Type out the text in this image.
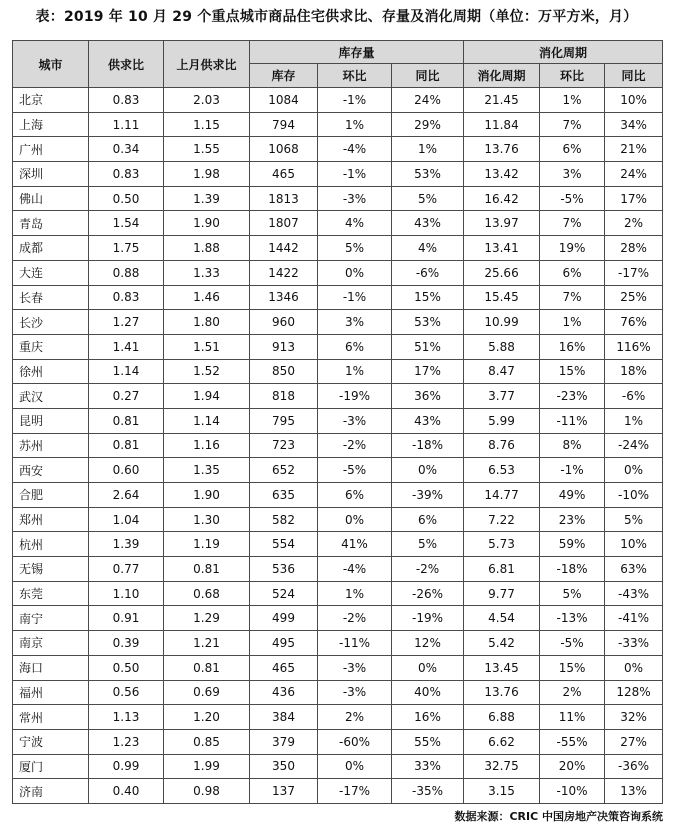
表：2019 年 10 月 29 个重点城市商品住宅供求比、存量及消化周期（单位：万平方米，月）
城市	供求比	上月供求比	库存量			消化周期		
			库存	环比	同比	消化周期	环比	同比
北京	0.83	2.03	1084	-1%	24%	21.45	1%	10%
上海	1.11	1.15	794	1%	29%	11.84	7%	34%
广州	0.34	1.55	1068	-4%	1%	13.76	6%	21%
深圳	0.83	1.98	465	-1%	53%	13.42	3%	24%
佛山	0.50	1.39	1813	-3%	5%	16.42	-5%	17%
青岛	1.54	1.90	1807	4%	43%	13.97	7%	2%
成都	1.75	1.88	1442	5%	4%	13.41	19%	28%
大连	0.88	1.33	1422	0%	-6%	25.66	6%	-17%
长春	0.83	1.46	1346	-1%	15%	15.45	7%	25%
长沙	1.27	1.80	960	3%	53%	10.99	1%	76%
重庆	1.41	1.51	913	6%	51%	5.88	16%	116%
徐州	1.14	1.52	850	1%	17%	8.47	15%	18%
武汉	0.27	1.94	818	-19%	36%	3.77	-23%	-6%
昆明	0.81	1.14	795	-3%	43%	5.99	-11%	1%
苏州	0.81	1.16	723	-2%	-18%	8.76	8%	-24%
西安	0.60	1.35	652	-5%	0%	6.53	-1%	0%
合肥	2.64	1.90	635	6%	-39%	14.77	49%	-10%
郑州	1.04	1.30	582	0%	6%	7.22	23%	5%
杭州	1.39	1.19	554	41%	5%	5.73	59%	10%
无锡	0.77	0.81	536	-4%	-2%	6.81	-18%	63%
东莞	1.10	0.68	524	1%	-26%	9.77	5%	-43%
南宁	0.91	1.29	499	-2%	-19%	4.54	-13%	-41%
南京	0.39	1.21	495	-11%	12%	5.42	-5%	-33%
海口	0.50	0.81	465	-3%	0%	13.45	15%	0%
福州	0.56	0.69	436	-3%	40%	13.76	2%	128%
常州	1.13	1.20	384	2%	16%	6.88	11%	32%
宁波	1.23	0.85	379	-60%	55%	6.62	-55%	27%
厦门	0.99	1.99	350	0%	33%	32.75	20%	-36%
济南	0.40	0.98	137	-17%	-35%	3.15	-10%	13%
数据来源：CRIC 中国房地产决策咨询系统
